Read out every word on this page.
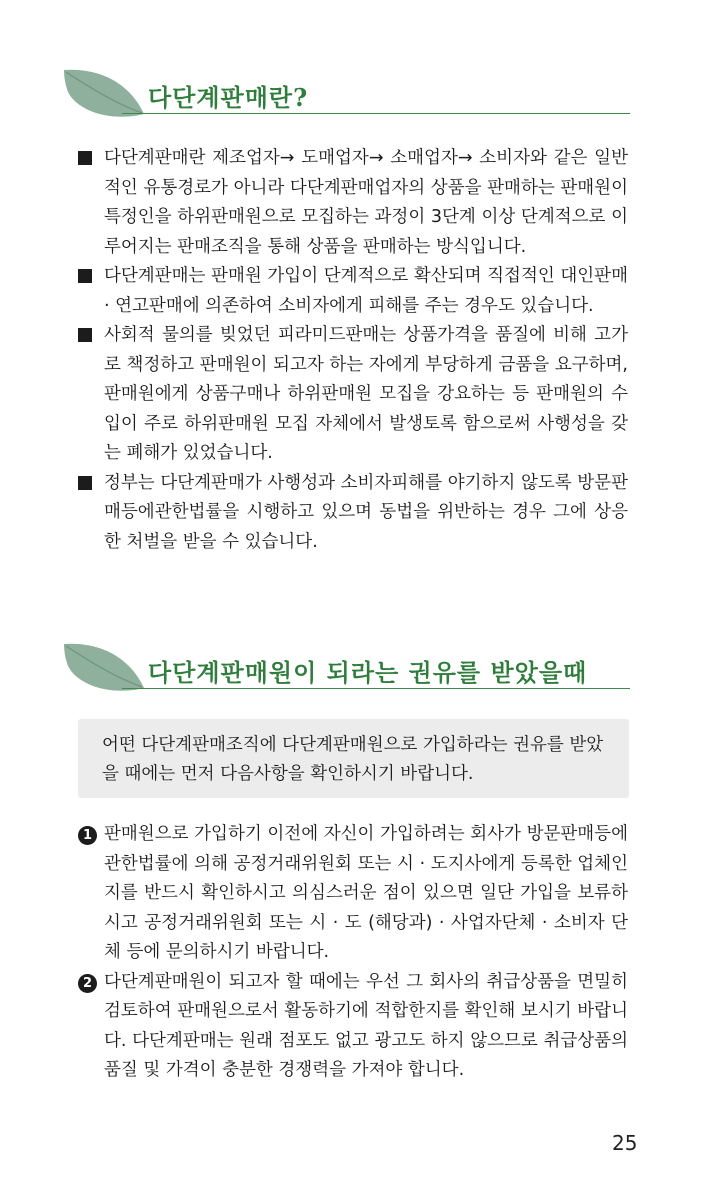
다단계판매란?
다단계판매란 제조업자→ 도매업자→ 소매업자→ 소비자와 같은 일반적인 유통경로가 아니라 다단계판매업자의 상품을 판매하는 판매원이 특정인을 하위판매원으로 모집하는 과정이 3단계 이상 단계적으로 이루어지는 판매조직을 통해 상품을 판매하는 방식입니다.
다단계판매는 판매원 가입이 단계적으로 확산되며 직접적인 대인판매 · 연고판매에 의존하여 소비자에게 피해를 주는 경우도 있습니다.
사회적 물의를 빚었던 피라미드판매는 상품가격을 품질에 비해 고가로 책정하고 판매원이 되고자 하는 자에게 부당하게 금품을 요구하며, 판매원에게 상품구매나 하위판매원 모집을 강요하는 등 판매원의 수입이 주로 하위판매원 모집 자체에서 발생토록 함으로써 사행성을 갖는 폐해가 있었습니다.
정부는 다단계판매가 사행성과 소비자피해를 야기하지 않도록 방문판매등에관한법률을 시행하고 있으며 동법을 위반하는 경우 그에 상응한 처벌을 받을 수 있습니다.
다단계판매원이 되라는 권유를 받았을때
어떤 다단계판매조직에 다단계판매원으로 가입하라는 권유를 받았을 때에는 먼저 다음사항을 확인하시기 바랍니다.
1 판매원으로 가입하기 이전에 자신이 가입하려는 회사가 방문판매등에관한법률에 의해 공정거래위원회 또는 시 · 도지사에게 등록한 업체인지를 반드시 확인하시고 의심스러운 점이 있으면 일단 가입을 보류하시고 공정거래위원회 또는 시 · 도 (해당과) · 사업자단체 · 소비자 단체 등에 문의하시기 바랍니다.
2 다단계판매원이 되고자 할 때에는 우선 그 회사의 취급상품을 면밀히 검토하여 판매원으로서 활동하기에 적합한지를 확인해 보시기 바랍니다. 다단계판매는 원래 점포도 없고 광고도 하지 않으므로 취급상품의 품질 및 가격이 충분한 경쟁력을 가져야 합니다.
25
